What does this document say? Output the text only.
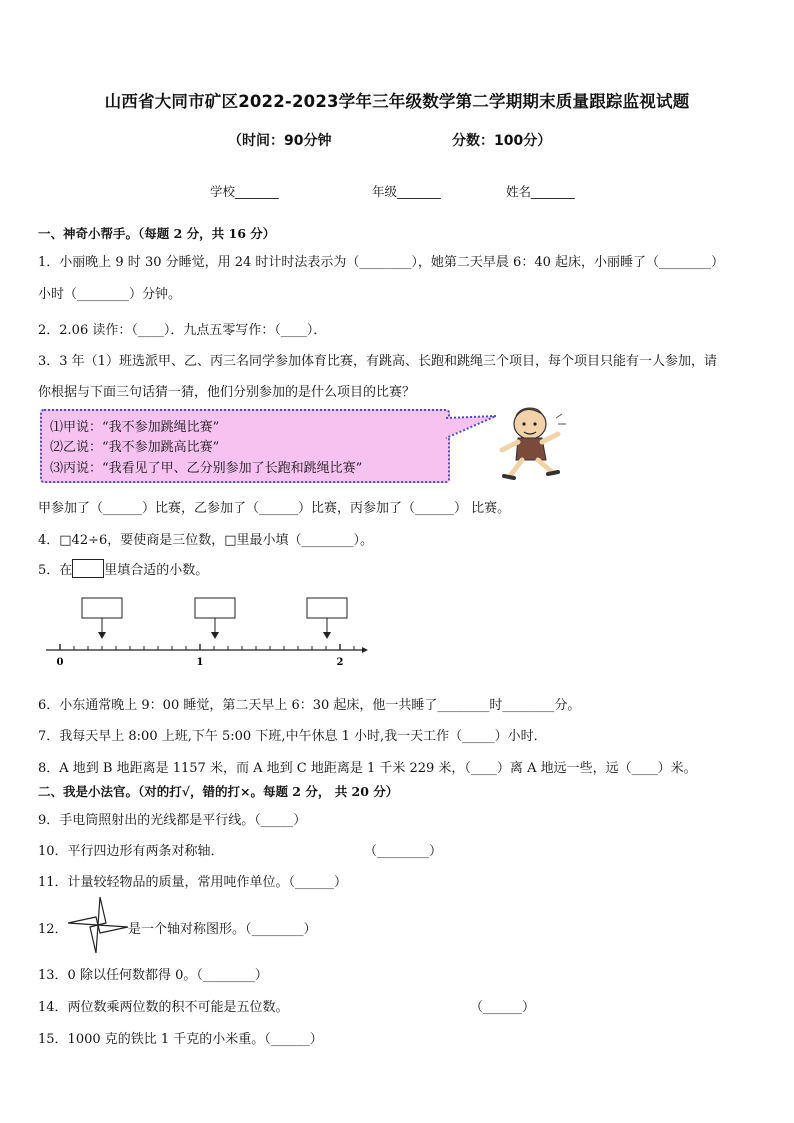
山西省大同市矿区2022-2023学年三年级数学第二学期期末质量跟踪监视试题
（时间：90分钟	分数：100分）
学校_______	年级_______	姓名_______
一、神奇小帮手。（每题 2 分，共 16 分）
1．小丽晚上 9 时 30 分睡觉，用 24 时计时法表示为（________），她第二天早晨 6：40 起床，小丽睡了（________）
小时（________）分钟。
2．2.06 读作：（____）．九点五零写作：（____）．
3．3 年（1）班选派甲、乙、丙三名同学参加体育比赛，有跳高、长跑和跳绳三个项目，每个项目只能有一人参加，请
你根据与下面三句话猜一猜，他们分别参加的是什么项目的比赛？
⑴甲说：“我不参加跳绳比赛”
⑵乙说：“我不参加跳高比赛”
⑶丙说：“我看见了甲、乙分别参加了长跑和跳绳比赛”
甲参加了（______）比赛，乙参加了（______）比赛，丙参加了（______） 比赛。
4．□42÷6，要使商是三位数，□里最小填（________）。
5．在 里填合适的小数。
0	1	2
6．小东通常晚上 9：00 睡觉，第二天早上 6：30 起床，他一共睡了________时________分。
7．我每天早上 8:00 上班,下午 5:00 下班,中午休息 1 小时,我一天工作（_____）小时．
8．A 地到 B 地距离是 1157 米，而 A 地到 C 地距离是 1 千米 229 米，（____）离 A 地远一些，远（____）米。
二、我是小法官。（对的打√，错的打×。每题 2 分， 共 20 分）
9．手电筒照射出的光线都是平行线。（_____）
10．平行四边形有两条对称轴．	（________）
11．计量较轻物品的质量，常用吨作单位。（______）
12．	是一个轴对称图形。（________）
13．0 除以任何数都得 0。（________）
14．两位数乘两位数的积不可能是五位数。	（______）
15．1000 克的铁比 1 千克的小米重。（______）
